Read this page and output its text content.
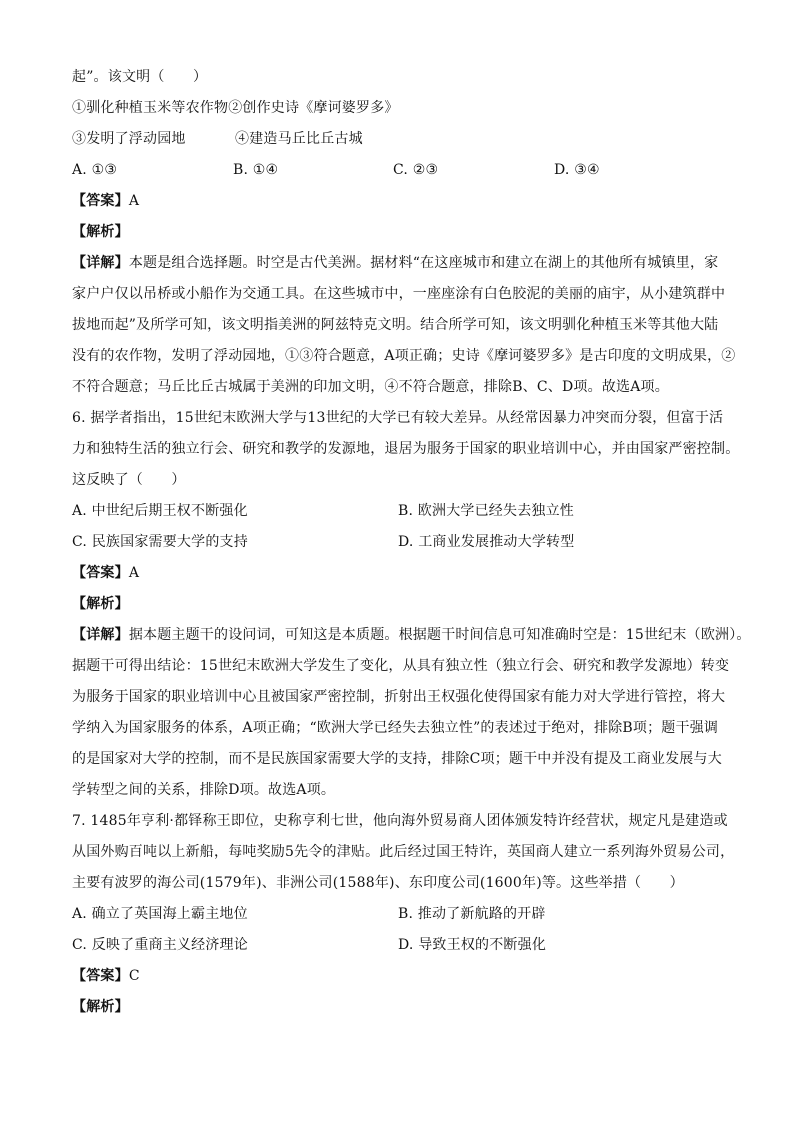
起”。该文明（　　）
①驯化种植玉米等农作物②创作史诗《摩诃婆罗多》
③发明了浮动园地	④建造马丘比丘古城
A. ①③	B. ①④	C. ②③	D. ③④
【答案】A
【解析】
【详解】本题是组合选择题。时空是古代美洲。据材料“在这座城市和建立在湖上的其他所有城镇里，家
家户户仅以吊桥或小船作为交通工具。在这些城市中，一座座涂有白色胶泥的美丽的庙宇，从小建筑群中
拔地而起”及所学可知，该文明指美洲的阿兹特克文明。结合所学可知，该文明驯化种植玉米等其他大陆
没有的农作物，发明了浮动园地，①③符合题意，A项正确；史诗《摩诃婆罗多》是古印度的文明成果，②
不符合题意；马丘比丘古城属于美洲的印加文明，④不符合题意，排除B、C、D项。故选A项。
6. 据学者指出，15世纪末欧洲大学与13世纪的大学已有较大差异。从经常因暴力冲突而分裂，但富于活
力和独特生活的独立行会、研究和教学的发源地，退居为服务于国家的职业培训中心，并由国家严密控制。
这反映了（　　）
A. 中世纪后期王权不断强化	B. 欧洲大学已经失去独立性
C. 民族国家需要大学的支持	D. 工商业发展推动大学转型
【答案】A
【解析】
【详解】据本题主题干的设问词，可知这是本质题。根据题干时间信息可知准确时空是：15世纪末（欧洲）。
据题干可得出结论：15世纪末欧洲大学发生了变化，从具有独立性（独立行会、研究和教学发源地）转变
为服务于国家的职业培训中心且被国家严密控制，折射出王权强化使得国家有能力对大学进行管控，将大
学纳入为国家服务的体系，A项正确；“欧洲大学已经失去独立性”的表述过于绝对，排除B项；题干强调
的是国家对大学的控制，而不是民族国家需要大学的支持，排除C项；题干中并没有提及工商业发展与大
学转型之间的关系，排除D项。故选A项。
7. 1485年亨利·都铎称王即位，史称亨利七世，他向海外贸易商人团体颁发特许经营状，规定凡是建造或
从国外购百吨以上新船，每吨奖励5先令的津贴。此后经过国王特许，英国商人建立一系列海外贸易公司，
主要有波罗的海公司(1579年)、非洲公司(1588年)、东印度公司(1600年)等。这些举措（　　）
A. 确立了英国海上霸主地位	B. 推动了新航路的开辟
C. 反映了重商主义经济理论	D. 导致王权的不断强化
【答案】C
【解析】
